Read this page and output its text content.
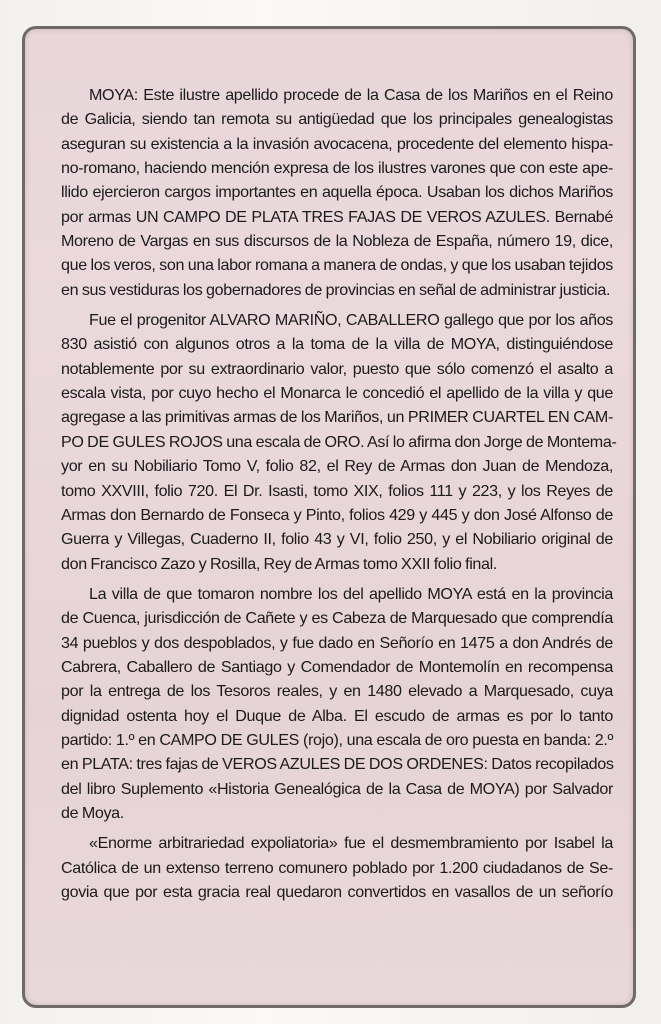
MOYA: Este ilustre apellido procede de la Casa de los Mariños en el Reino
de Galicia, siendo tan remota su antigüedad que los principales genealogistas
aseguran su existencia a la invasión avocacena, procedente del elemento hispa-
no-romano, haciendo mención expresa de los ilustres varones que con este ape-
llido ejercieron cargos importantes en aquella época. Usaban los dichos Mariños
por armas UN CAMPO DE PLATA TRES FAJAS DE VEROS AZULES. Bernabé
Moreno de Vargas en sus discursos de la Nobleza de España, número 19, dice,
que los veros, son una labor romana a manera de ondas, y que los usaban tejidos
en sus vestiduras los gobernadores de provincias en señal de administrar justicia.
Fue el progenitor ALVARO MARIÑO, CABALLERO gallego que por los años
830 asistió con algunos otros a la toma de la villa de MOYA, distinguiéndose
notablemente por su extraordinario valor, puesto que sólo comenzó el asalto a
escala vista, por cuyo hecho el Monarca le concedió el apellido de la villa y que
agregase a las primitivas armas de los Mariños, un PRIMER CUARTEL EN CAM-
PO DE GULES ROJOS una escala de ORO. Así lo afirma don Jorge de Montema-
yor en su Nobiliario Tomo V, folio 82, el Rey de Armas don Juan de Mendoza,
tomo XXVIII, folio 720. El Dr. Isasti, tomo XIX, folios 111 y 223, y los Reyes de
Armas don Bernardo de Fonseca y Pinto, folios 429 y 445 y don José Alfonso de
Guerra y Villegas, Cuaderno II, folio 43 y VI, folio 250, y el Nobiliario original de
don Francisco Zazo y Rosilla, Rey de Armas tomo XXII folio final.
La villa de que tomaron nombre los del apellido MOYA está en la provincia
de Cuenca, jurisdicción de Cañete y es Cabeza de Marquesado que comprendía
34 pueblos y dos despoblados, y fue dado en Señorío en 1475 a don Andrés de
Cabrera, Caballero de Santiago y Comendador de Montemolín en recompensa
por la entrega de los Tesoros reales, y en 1480 elevado a Marquesado, cuya
dignidad ostenta hoy el Duque de Alba. El escudo de armas es por lo tanto
partido: 1.º en CAMPO DE GULES (rojo), una escala de oro puesta en banda: 2.º
en PLATA: tres fajas de VEROS AZULES DE DOS ORDENES: Datos recopilados
del libro Suplemento «Historia Genealógica de la Casa de MOYA) por Salvador
de Moya.
«Enorme arbitrariedad expoliatoria» fue el desmembramiento por Isabel la
Católica de un extenso terreno comunero poblado por 1.200 ciudadanos de Se-
govia que por esta gracia real quedaron convertidos en vasallos de un señorío
